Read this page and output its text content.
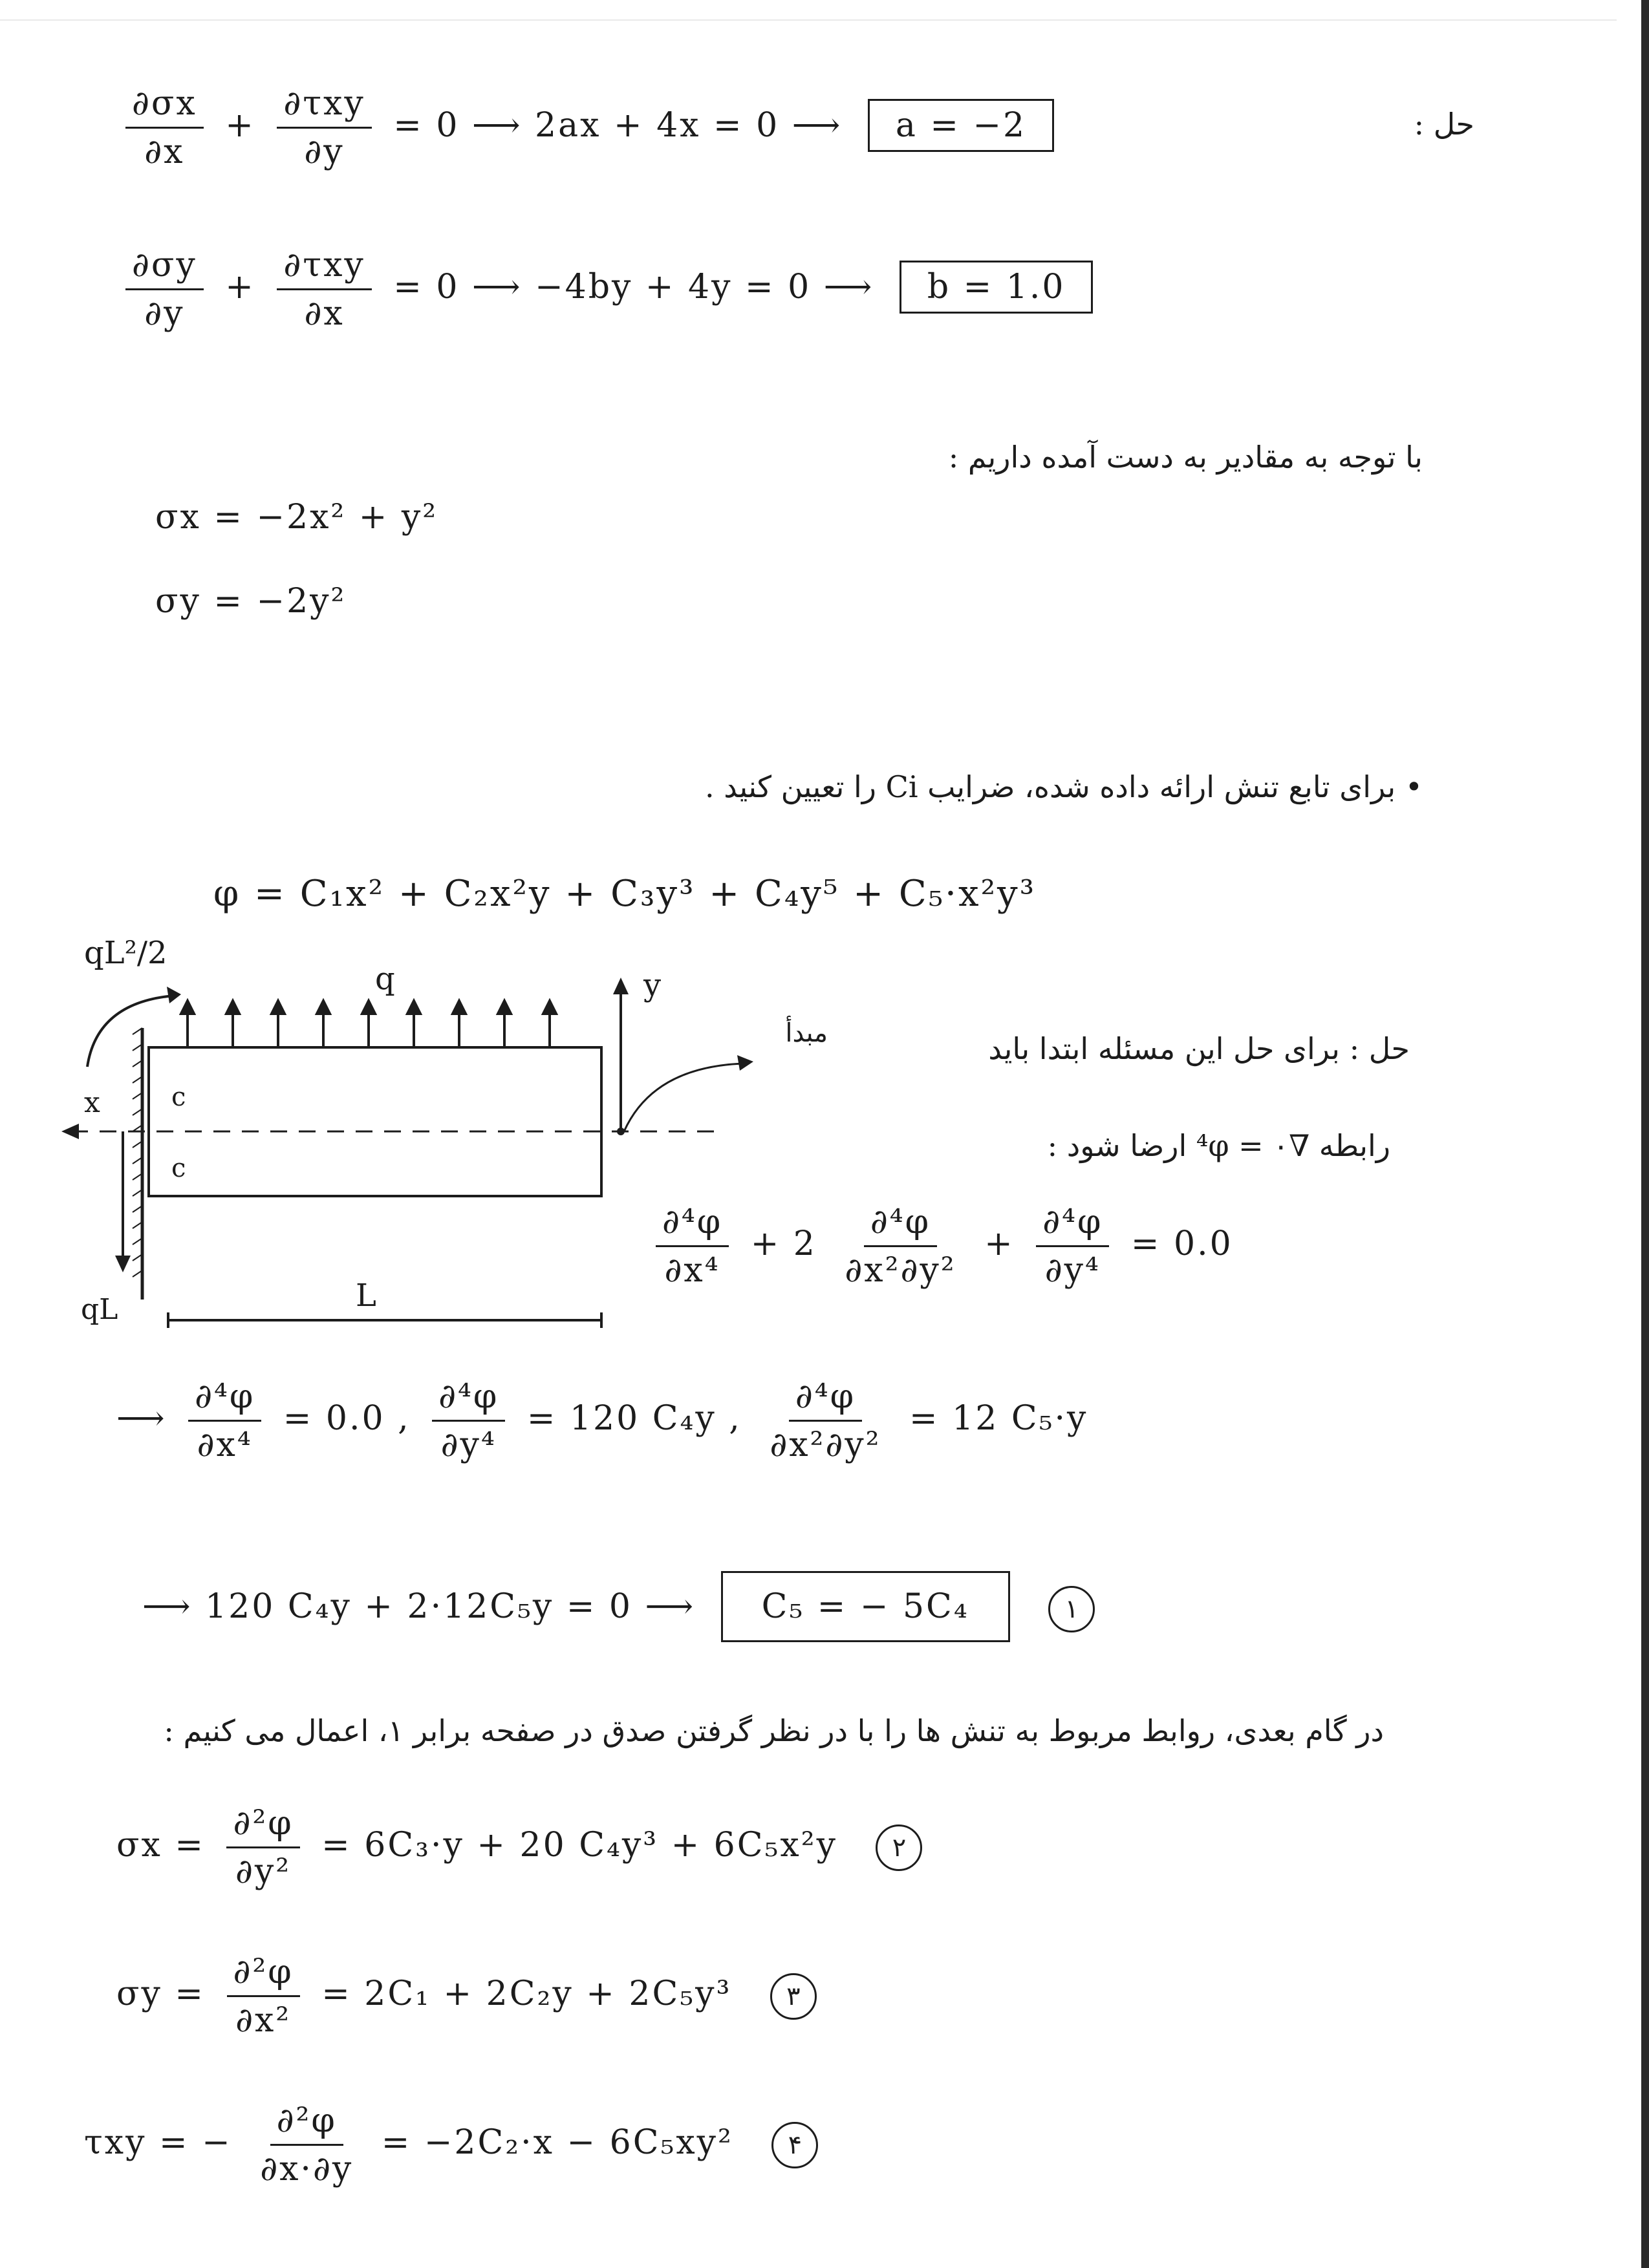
حل :
$\frac{\partial\sigma x}{\partial x} + \frac{\text{∂τxy}}{\partial y} = 0$ ⟶ 2ax + 4x = 0 ⟶ a = −2
$\frac{\partial\sigma y}{\partial y} + \frac{\text{∂τxy}}{\partial x} = 0$ ⟶ −4by + 4y = 0 ⟶ b = 1.0
با توجه به مقادیر به دست آمده داریم :
σx = −2x² + y²
σy = −2y²
• برای تابع تنش ارائه داده شده، ضرایب Ci را تعیین کنید .
φ = C₁x² + C₂x²y + C₃y³ + C₄y⁵ + C₅·x²y³
qL²/2
q	y
x	c
c
qL	L
مبدأ	حل : برای حل این مسئله ابتدا باید
رابطه ∇⁴φ = ۰ ارضا شود :
$\frac{\text{∂⁴φ}}{\text{∂x⁴}} + 2 \frac{\text{∂⁴φ}}{\text{∂x²∂y²}} + \frac{\text{∂⁴φ}}{\text{∂y⁴}} = 0.0$
⟶ $\frac{\text{∂⁴φ}}{\text{∂x⁴}} = 0.0$ , $\frac{\text{∂⁴φ}}{\text{∂y⁴}} = 120$ C₄y , $\frac{\text{∂⁴φ}}{\text{∂x²∂y²}} = 12$ C₅·y
⟶ 120 C₄y + 2·12C₅y = 0 ⟶ C₅ = − 5C₄	۱
در گام بعدی، روابط مربوط به تنش ها را با در نظر گرفتن صدق در صفحه برابر ۱، اعمال می کنیم :
$\sigma x = \frac{\text{∂²φ}}{\text{∂y²}} = 6C_3\cdot y + 20$ C₄y³ + 6C₅x²y ۲
$\sigma y = \frac{\text{∂²φ}}{\text{∂x²}} = 2C_1 + 2C_2y + 2C_5y^3$ ۳
τxy = − $\frac{\text{∂²φ}}{\partial x\cdot\partial y} = -2C_2\cdot x - 6C_5xy^2$ ۴
